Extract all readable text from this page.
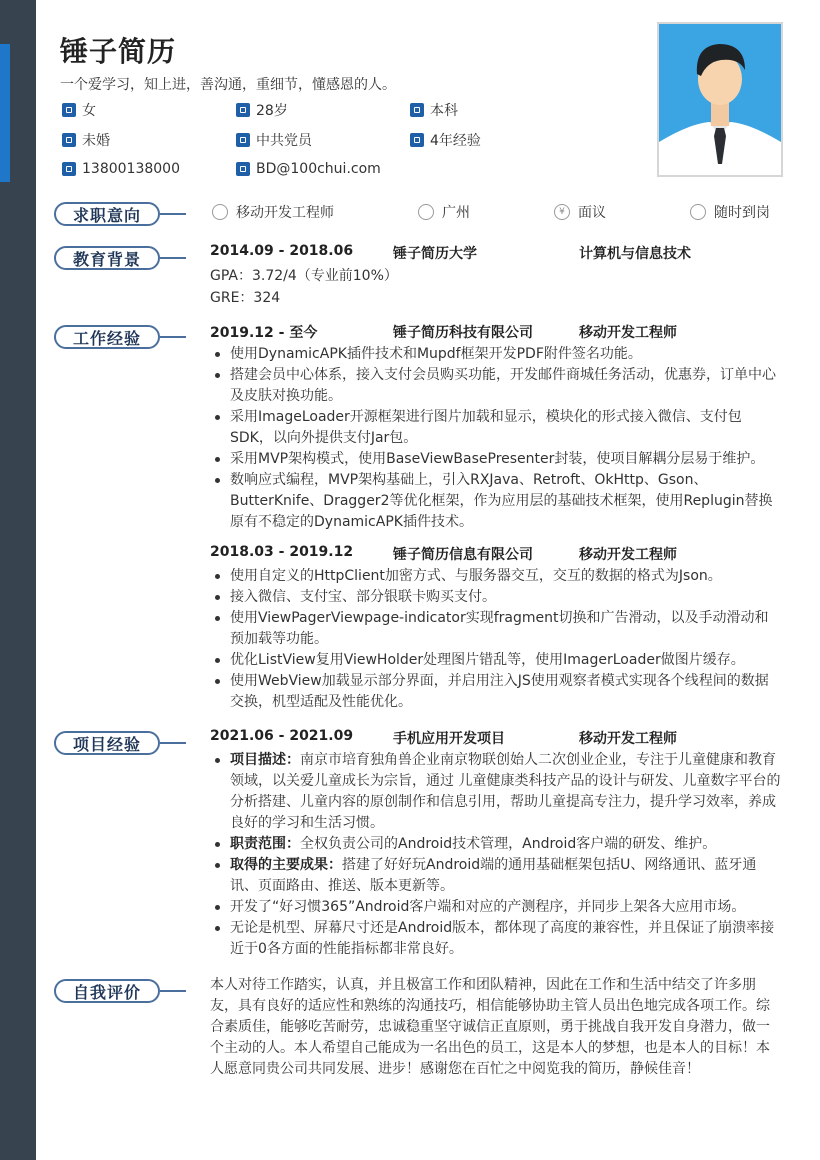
锤子简历
一个爱学习，知上进，善沟通，重细节，懂感恩的人。
女	28岁	本科
未婚	中共党员	4年经验
13800138000	BD@100chui.com
求职意向	移动开发工程师	广州	¥ 面议	随时到岗
教育背景	2014.09 - 2018.06	锤子简历大学	计算机与信息技术
GPA：3.72/4（专业前10%）
GRE：324
工作经验	2019.12 - 至今	锤子简历科技有限公司	移动开发工程师
使用DynamicAPK插件技术和Mupdf框架开发PDF附件签名功能。
搭建会员中心体系，接入支付会员购买功能，开发邮件商城任务活动，优惠券，订单中心及皮肤对换功能。
采用ImageLoader开源框架进行图片加载和显示，模块化的形式接入微信、支付包SDK，以向外提供支付Jar包。
采用MVP架构模式，使用BaseViewBasePresenter封装，使项目解耦分层易于维护。
数响应式编程，MVP架构基础上，引入RXJava、Retroft、OkHttp、Gson、ButterKnife、Dragger2等优化框架，作为应用层的基础技术框架，使用Replugin替换原有不稳定的DynamicAPK插件技术。
2018.03 - 2019.12	锤子简历信息有限公司	移动开发工程师
使用自定义的HttpClient加密方式、与服务器交互，交互的数据的格式为Json。
接入微信、支付宝、部分银联卡购买支付。
使用ViewPagerViewpage-indicator实现fragment切换和广告滑动，以及手动滑动和预加载等功能。
优化ListView复用ViewHolder处理图片错乱等，使用ImagerLoader做图片缓存。
使用WebView加载显示部分界面，并启用注入JS使用观察者模式实现各个线程间的数据交换，机型适配及性能优化。
项目经验	2021.06 - 2021.09	手机应用开发项目	移动开发工程师
项目描述：南京市培育独角兽企业南京物联创始人二次创业企业，专注于儿童健康和教育领域，以关爱儿童成长为宗旨，通过 儿童健康类科技产品的设计与研发、儿童数字平台的分析搭建、儿童内容的原创制作和信息引用，帮助儿童提高专注力，提升学习效率，养成良好的学习和生活习惯。
职责范围：全权负责公司的Android技术管理，Android客户端的研发、维护。
取得的主要成果：搭建了好好玩Android端的通用基础框架包括U、网络通讯、蓝牙通讯、页面路由、推送、版本更新等。
开发了“好习惯365”Android客户端和对应的产测程序，并同步上架各大应用市场。
无论是机型、屏幕尺寸还是Android版本，都体现了高度的兼容性，并且保证了崩溃率接近于0各方面的性能指标都非常良好。
自我评价	本人对待工作踏实，认真，并且极富工作和团队精神，因此在工作和生活中结交了许多朋友，具有良好的适应性和熟练的沟通技巧，相信能够协助主管人员出色地完成各项工作。综合素质佳，能够吃苦耐劳，忠诚稳重坚守诚信正直原则，勇于挑战自我开发自身潜力，做一个主动的人。本人希望自己能成为一名出色的员工，这是本人的梦想，也是本人的目标！本人愿意同贵公司共同发展、进步！感谢您在百忙之中阅览我的简历，静候佳音！
